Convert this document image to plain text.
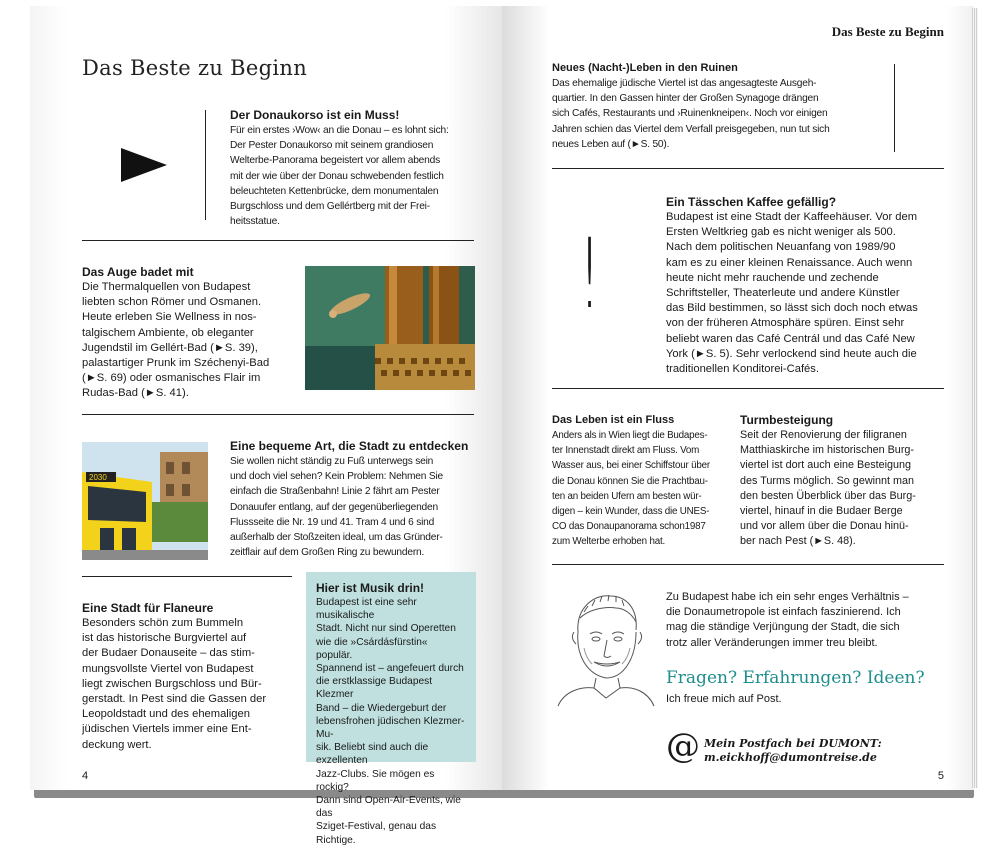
Das Beste zu Beginn
Der Donaukorso ist ein Muss!
Für ein erstes ›Wow‹ an die Donau – es lohnt sich:
Der Pester Donaukorso mit seinem grandiosen
Welterbe-Panorama begeistert vor allem abends
mit der wie über der Donau schwebenden festlich
beleuchteten Kettenbrücke, dem monumentalen
Burgschloss und dem Gellértberg mit der Frei-
heitsstatue.
Das Auge badet mit
Die Thermalquellen von Budapest
liebten schon Römer und Osmanen.
Heute erleben Sie Wellness in nos-
talgischem Ambiente, ob eleganter
Jugendstil im Gellért-Bad (►S. 39),
palastartiger Prunk im Széchenyi-Bad
(►S. 69) oder osmanisches Flair im
Rudas-Bad (►S. 41).
2030
Eine bequeme Art, die Stadt zu entdecken
Sie wollen nicht ständig zu Fuß unterwegs sein
und doch viel sehen? Kein Problem: Nehmen Sie
einfach die Straßenbahn! Linie 2 fährt am Pester
Donauufer entlang, auf der gegenüberliegenden
Flussseite die Nr. 19 und 41. Tram 4 und 6 sind
außerhalb der Stoßzeiten ideal, um das Gründer-
zeitflair auf dem Großen Ring zu bewundern.
Eine Stadt für Flaneure
Besonders schön zum Bummeln
ist das historische Burgviertel auf
der Budaer Donauseite – das stim-
mungsvollste Viertel von Budapest
liegt zwischen Burgschloss und Bür-
gerstadt. In Pest sind die Gassen der
Leopoldstadt und des ehemaligen
jüdischen Viertels immer eine Ent-
deckung wert.
Hier ist Musik drin!
Budapest ist eine sehr musikalische
Stadt. Nicht nur sind Operetten
wie die »Csárdásfürstin« populär.
Spannend ist – angefeuert durch
die erstklassige Budapest Klezmer
Band – die Wiedergeburt der
lebensfrohen jüdischen Klezmer-Mu-
sik. Beliebt sind auch die exzellenten
Jazz-Clubs. Sie mögen es rockig?
Dann sind Open-Air-Events, wie das
Sziget-Festival, genau das Richtige.
4
Das Beste zu Beginn
Neues (Nacht-)Leben in den Ruinen
Das ehemalige jüdische Viertel ist das angesagteste Ausgeh-
quartier. In den Gassen hinter der Großen Synagoge drängen
sich Cafés, Restaurants und ›Ruinenkneipen‹. Noch vor einigen
Jahren schien das Viertel dem Verfall preisgegeben, nun tut sich
neues Leben auf (►S. 50).
!
Ein Tässchen Kaffee gefällig?
Budapest ist eine Stadt der Kaffeehäuser. Vor dem
Ersten Weltkrieg gab es nicht weniger als 500.
Nach dem politischen Neuanfang von 1989/90
kam es zu einer kleinen Renaissance. Auch wenn
heute nicht mehr rauchende und zechende
Schriftsteller, Theaterleute und andere Künstler
das Bild bestimmen, so lässt sich doch noch etwas
von der früheren Atmosphäre spüren. Einst sehr
beliebt waren das Café Centrál und das Café New
York (►S. 5). Sehr verlockend sind heute auch die
traditionellen Konditorei-Cafés.
Das Leben ist ein Fluss
Anders als in Wien liegt die Budapes-
ter Innenstadt direkt am Fluss. Vom
Wasser aus, bei einer Schiffstour über
die Donau können Sie die Prachtbau-
ten an beiden Ufern am besten wür-
digen – kein Wunder, dass die UNES-
CO das Donaupanorama schon1987
zum Welterbe erhoben hat.
Turmbesteigung
Seit der Renovierung der filigranen
Matthiaskirche im historischen Burg-
viertel ist dort auch eine Besteigung
des Turms möglich. So gewinnt man
den besten Überblick über das Burg-
viertel, hinauf in die Budaer Berge
und vor allem über die Donau hinü-
ber nach Pest (►S. 48).
Zu Budapest habe ich ein sehr enges Verhältnis –
die Donaumetropole ist einfach faszinierend. Ich
mag die ständige Verjüngung der Stadt, die sich
trotz aller Veränderungen immer treu bleibt.
Fragen? Erfahrungen? Ideen?
Ich freue mich auf Post.
@ Mein Postfach bei DUMONT:
m.eickhoff@dumontreise.de
5
